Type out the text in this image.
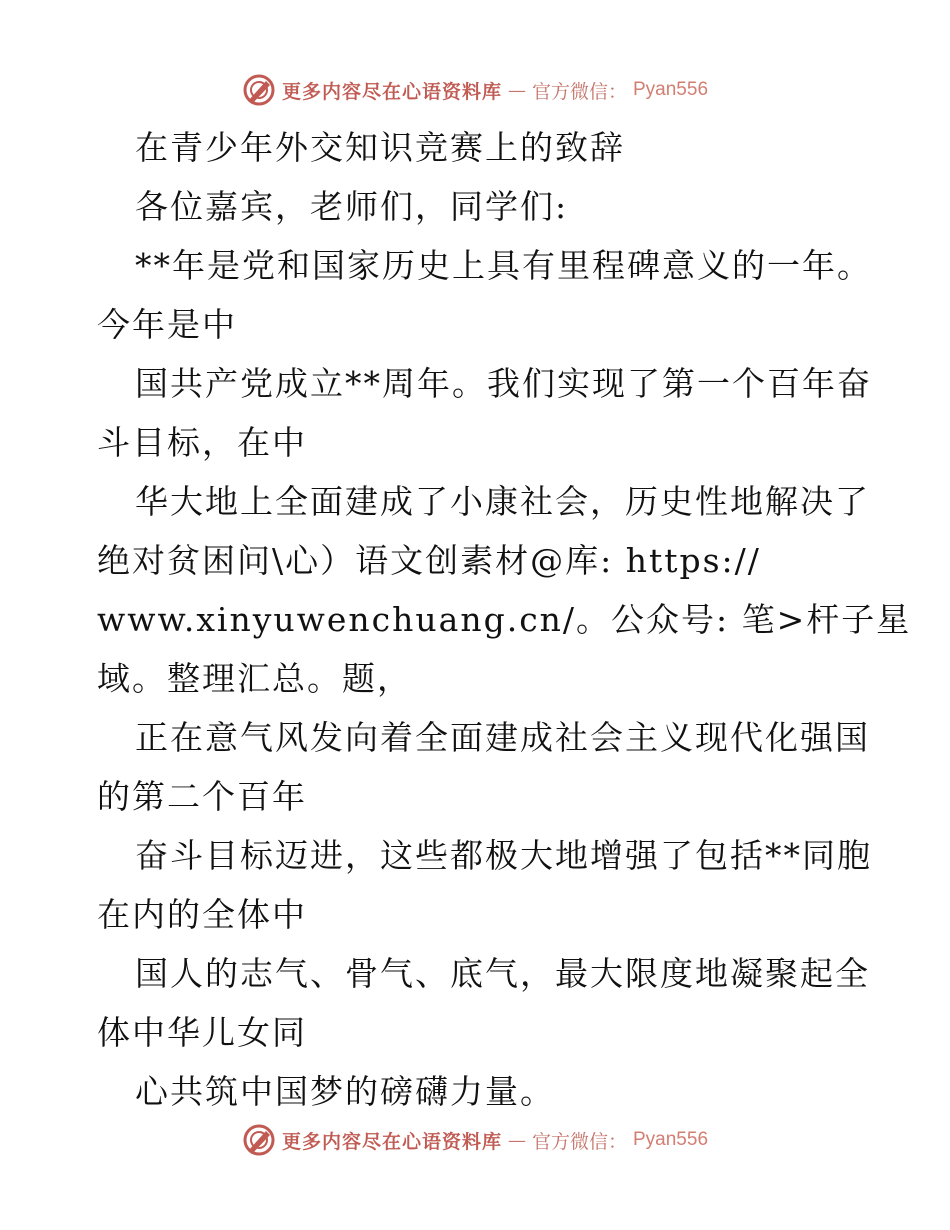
更多内容尽在心语资料库 — 官方微信： Pyan556
在青少年外交知识竞赛上的致辞
各位嘉宾，老师们，同学们:
**年是党和国家历史上具有里程碑意义的一年。
今年是中
国共产党成立**周年。我们实现了第一个百年奋
斗目标，在中
华大地上全面建成了小康社会，历史性地解决了
绝对贫困问\心）语文创素材@库: https://
www.xinyuwenchuang.cn/。公众号: 笔>杆子星
域。整理汇总。题，
正在意气风发向着全面建成社会主义现代化强国
的第二个百年
奋斗目标迈进，这些都极大地增强了包括**同胞
在内的全体中
国人的志气、骨气、底气，最大限度地凝聚起全
体中华儿女同
心共筑中国梦的磅礴力量。
更多内容尽在心语资料库 — 官方微信： Pyan556
